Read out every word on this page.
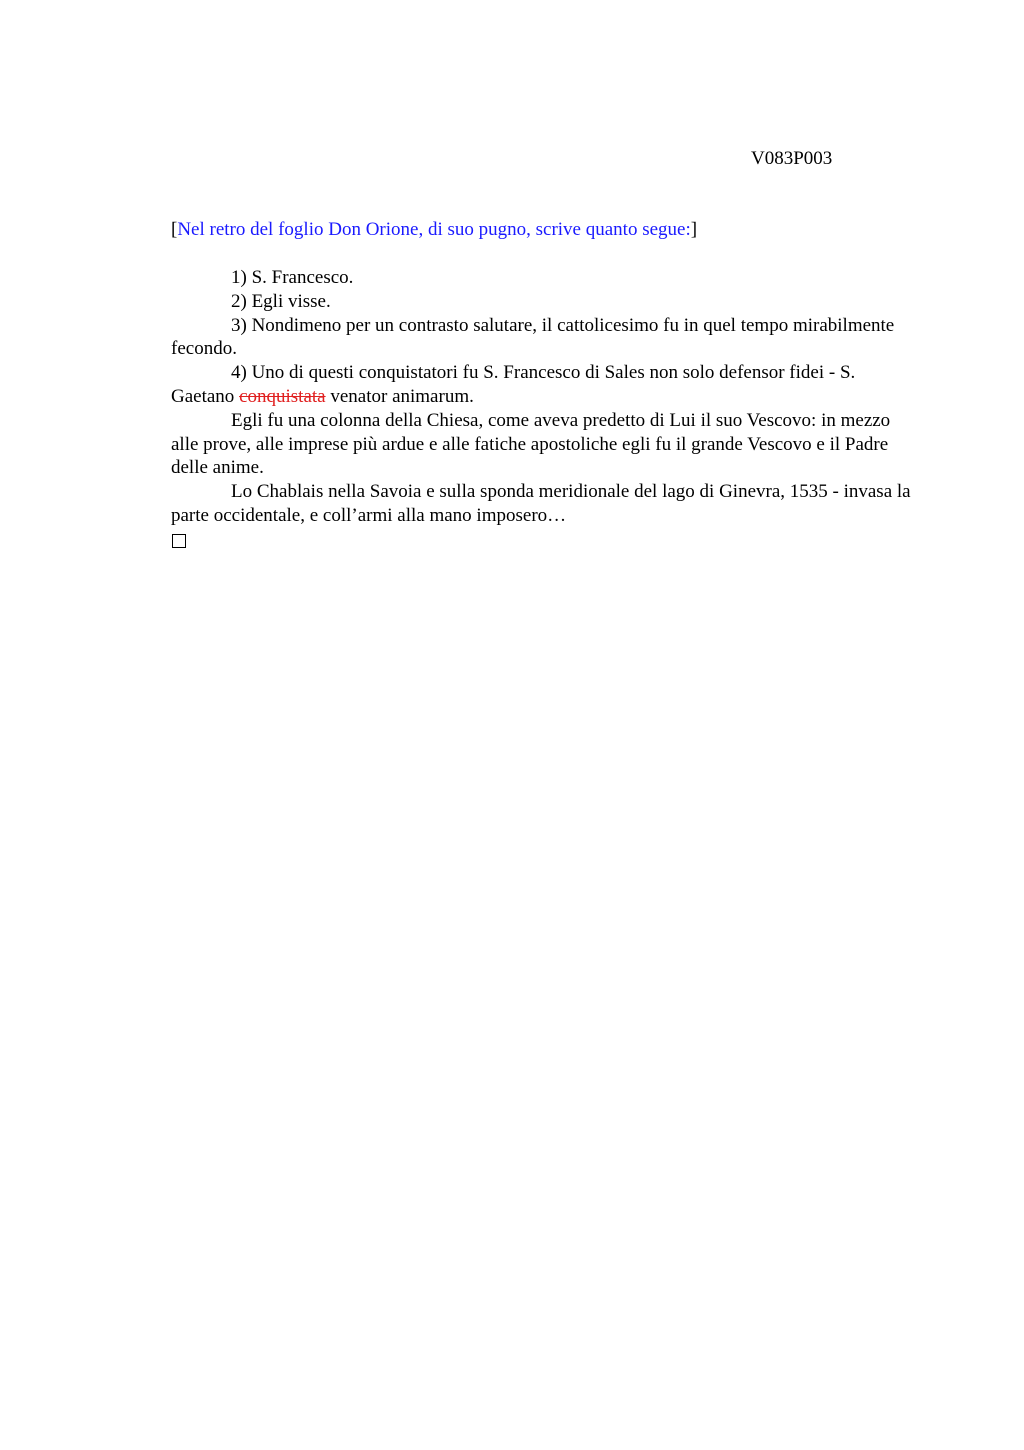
V083P003
[Nel retro del foglio Don Orione, di suo pugno, scrive quanto segue:]

1) S. Francesco.

2) Egli visse.

3) Nondimeno per un contrasto salutare, il cattolicesimo fu in quel tempo mirabilmente fecondo.

4) Uno di questi conquistatori fu S. Francesco di Sales non solo defensor fidei - S. Gaetano conquistata venator animarum.

Egli fu una colonna della Chiesa, come aveva predetto di Lui il suo Vescovo: in mezzo alle prove, alle imprese più ardue e alle fatiche apostoliche egli fu il grande Vescovo e il Padre delle anime.

Lo Chablais nella Savoia e sulla sponda meridionale del lago di Ginevra, 1535 - invasa la parte occidentale, e coll’armi alla mano imposero…
